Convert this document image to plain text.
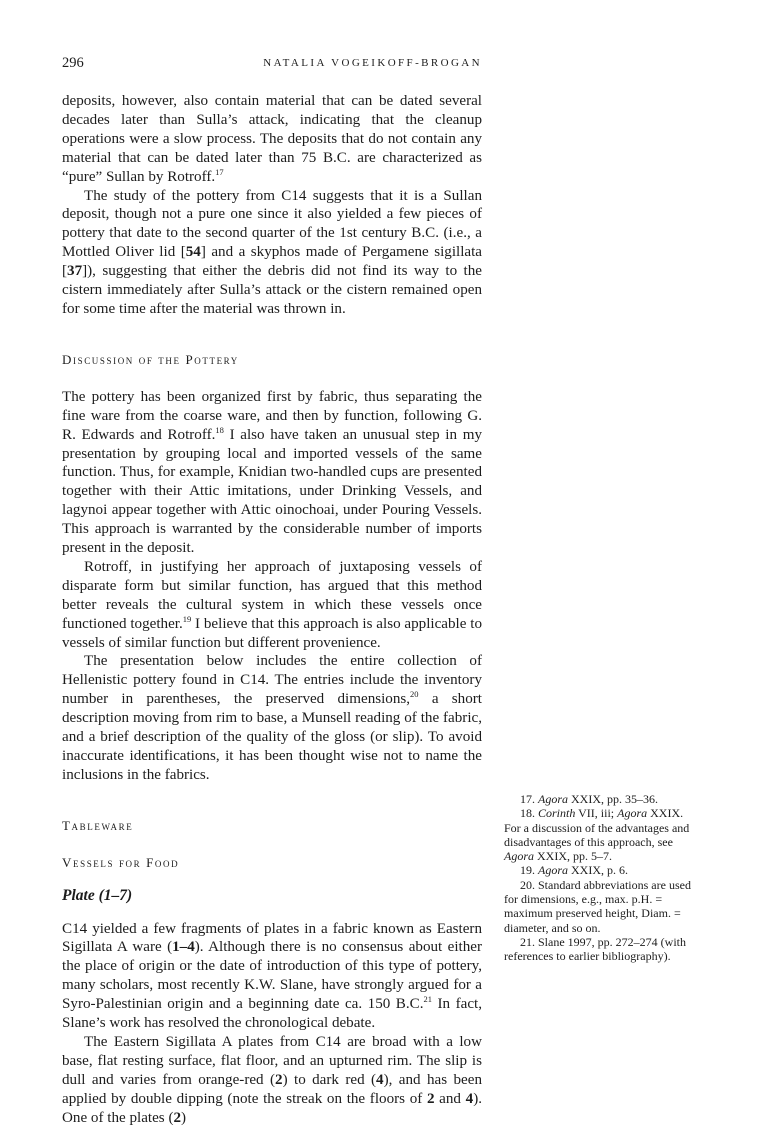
296	NATALIA VOGEIKOFF-BROGAN

deposits, however, also contain material that can be dated several decades later than Sulla’s attack, indicating that the cleanup operations were a slow process. The deposits that do not contain any material that can be dated later than 75 B.C. are characterized as “pure” Sullan by Rotroff.$^{17}$

The study of the pottery from C14 suggests that it is a Sullan deposit, though not a pure one since it also yielded a few pieces of pottery that date to the second quarter of the 1st century B.C. (i.e., a Mottled Oliver lid [54] and a skyphos made of Pergamene sigillata [37]), suggesting that either the debris did not find its way to the cistern immediately after Sulla’s attack or the cistern remained open for some time after the material was thrown in.

Discussion of the Pottery

The pottery has been organized first by fabric, thus separating the fine ware from the coarse ware, and then by function, following G. R. Edwards and Rotroff.$^{18}$ I also have taken an unusual step in my presentation by grouping local and imported vessels of the same function. Thus, for example, Knidian two-handled cups are presented together with their Attic imitations, under Drinking Vessels, and lagynoi appear together with Attic oinochoai, under Pouring Vessels. This approach is warranted by the considerable number of imports present in the deposit.

Rotroff, in justifying her approach of juxtaposing vessels of disparate form but similar function, has argued that this method better reveals the cultural system in which these vessels once functioned together.$^{19}$ I believe that this approach is also applicable to vessels of similar function but different provenience.

The presentation below includes the entire collection of Hellenistic pottery found in C14. The entries include the inventory number in parentheses, the preserved dimensions,$^{20}$ a short description moving from rim to base, a Munsell reading of the fabric, and a brief description of the quality of the gloss (or slip). To avoid inaccurate identifications, it has been thought wise not to name the inclusions in the fabrics.

Tableware
Vessels for Food
Plate (1–7)

C14 yielded a few fragments of plates in a fabric known as Eastern Sigillata A ware (1–4). Although there is no consensus about either the place of origin or the date of introduction of this type of pottery, many scholars, most recently K.W. Slane, have strongly argued for a Syro-Palestinian origin and a beginning date ca. 150 B.C.$^{21}$ In fact, Slane’s work has resolved the chronological debate.

The Eastern Sigillata A plates from C14 are broad with a low base, flat resting surface, flat floor, and an upturned rim. The slip is dull and varies from orange-red (2) to dark red (4), and has been applied by double dipping (note the streak on the floors of 2 and 4). One of the plates (2)

17. Agora XXIX, pp. 35–36.

18. Corinth VII, iii; Agora XXIX. For a discussion of the advantages and disadvantages of this approach, see Agora XXIX, pp. 5–7.

19. Agora XXIX, p. 6.

20. Standard abbreviations are used for dimensions, e.g., max. p.H. = maximum preserved height, Diam. = diameter, and so on.

21. Slane 1997, pp. 272–274 (with references to earlier bibliography).
